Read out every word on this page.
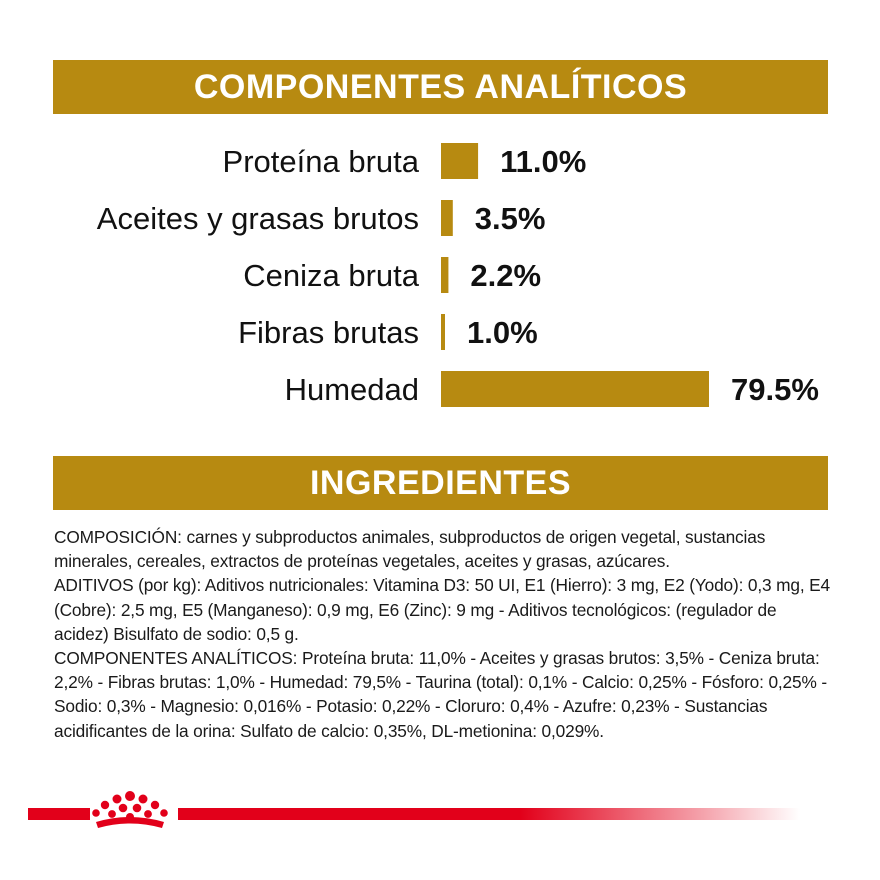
COMPONENTES ANALÍTICOS
Proteína bruta	11.0%
Aceites y grasas brutos 3.5%
Ceniza bruta 2.2%
Fibras brutas 1.0%
Humedad	79.5%
INGREDIENTES

COMPOSICIÓN: carnes y subproductos animales, subproductos de origen vegetal, sustancias minerales, cereales, extractos de proteínas vegetales, aceites y grasas, azúcares.

ADITIVOS (por kg): Aditivos nutricionales: Vitamina D3: 50 UI, E1 (Hierro): 3 mg, E2 (Yodo): 0,3 mg, E4 (Cobre): 2,5 mg, E5 (Manganeso): 0,9 mg, E6 (Zinc): 9 mg - Aditivos tecnológicos: (regulador de acidez) Bisulfato de sodio: 0,5 g.

COMPONENTES ANALÍTICOS: Proteína bruta: 11,0% - Aceites y grasas brutos: 3,5% - Ceniza bruta: 2,2% - Fibras brutas: 1,0% - Humedad: 79,5% - Taurina (total): 0,1% - Calcio: 0,25% - Fósforo: 0,25% - Sodio: 0,3% - Magnesio: 0,016% - Potasio: 0,22% - Cloruro: 0,4% - Azufre: 0,23% - Sustancias acidificantes de la orina: Sulfato de calcio: 0,35%, DL-metionina: 0,029%.
